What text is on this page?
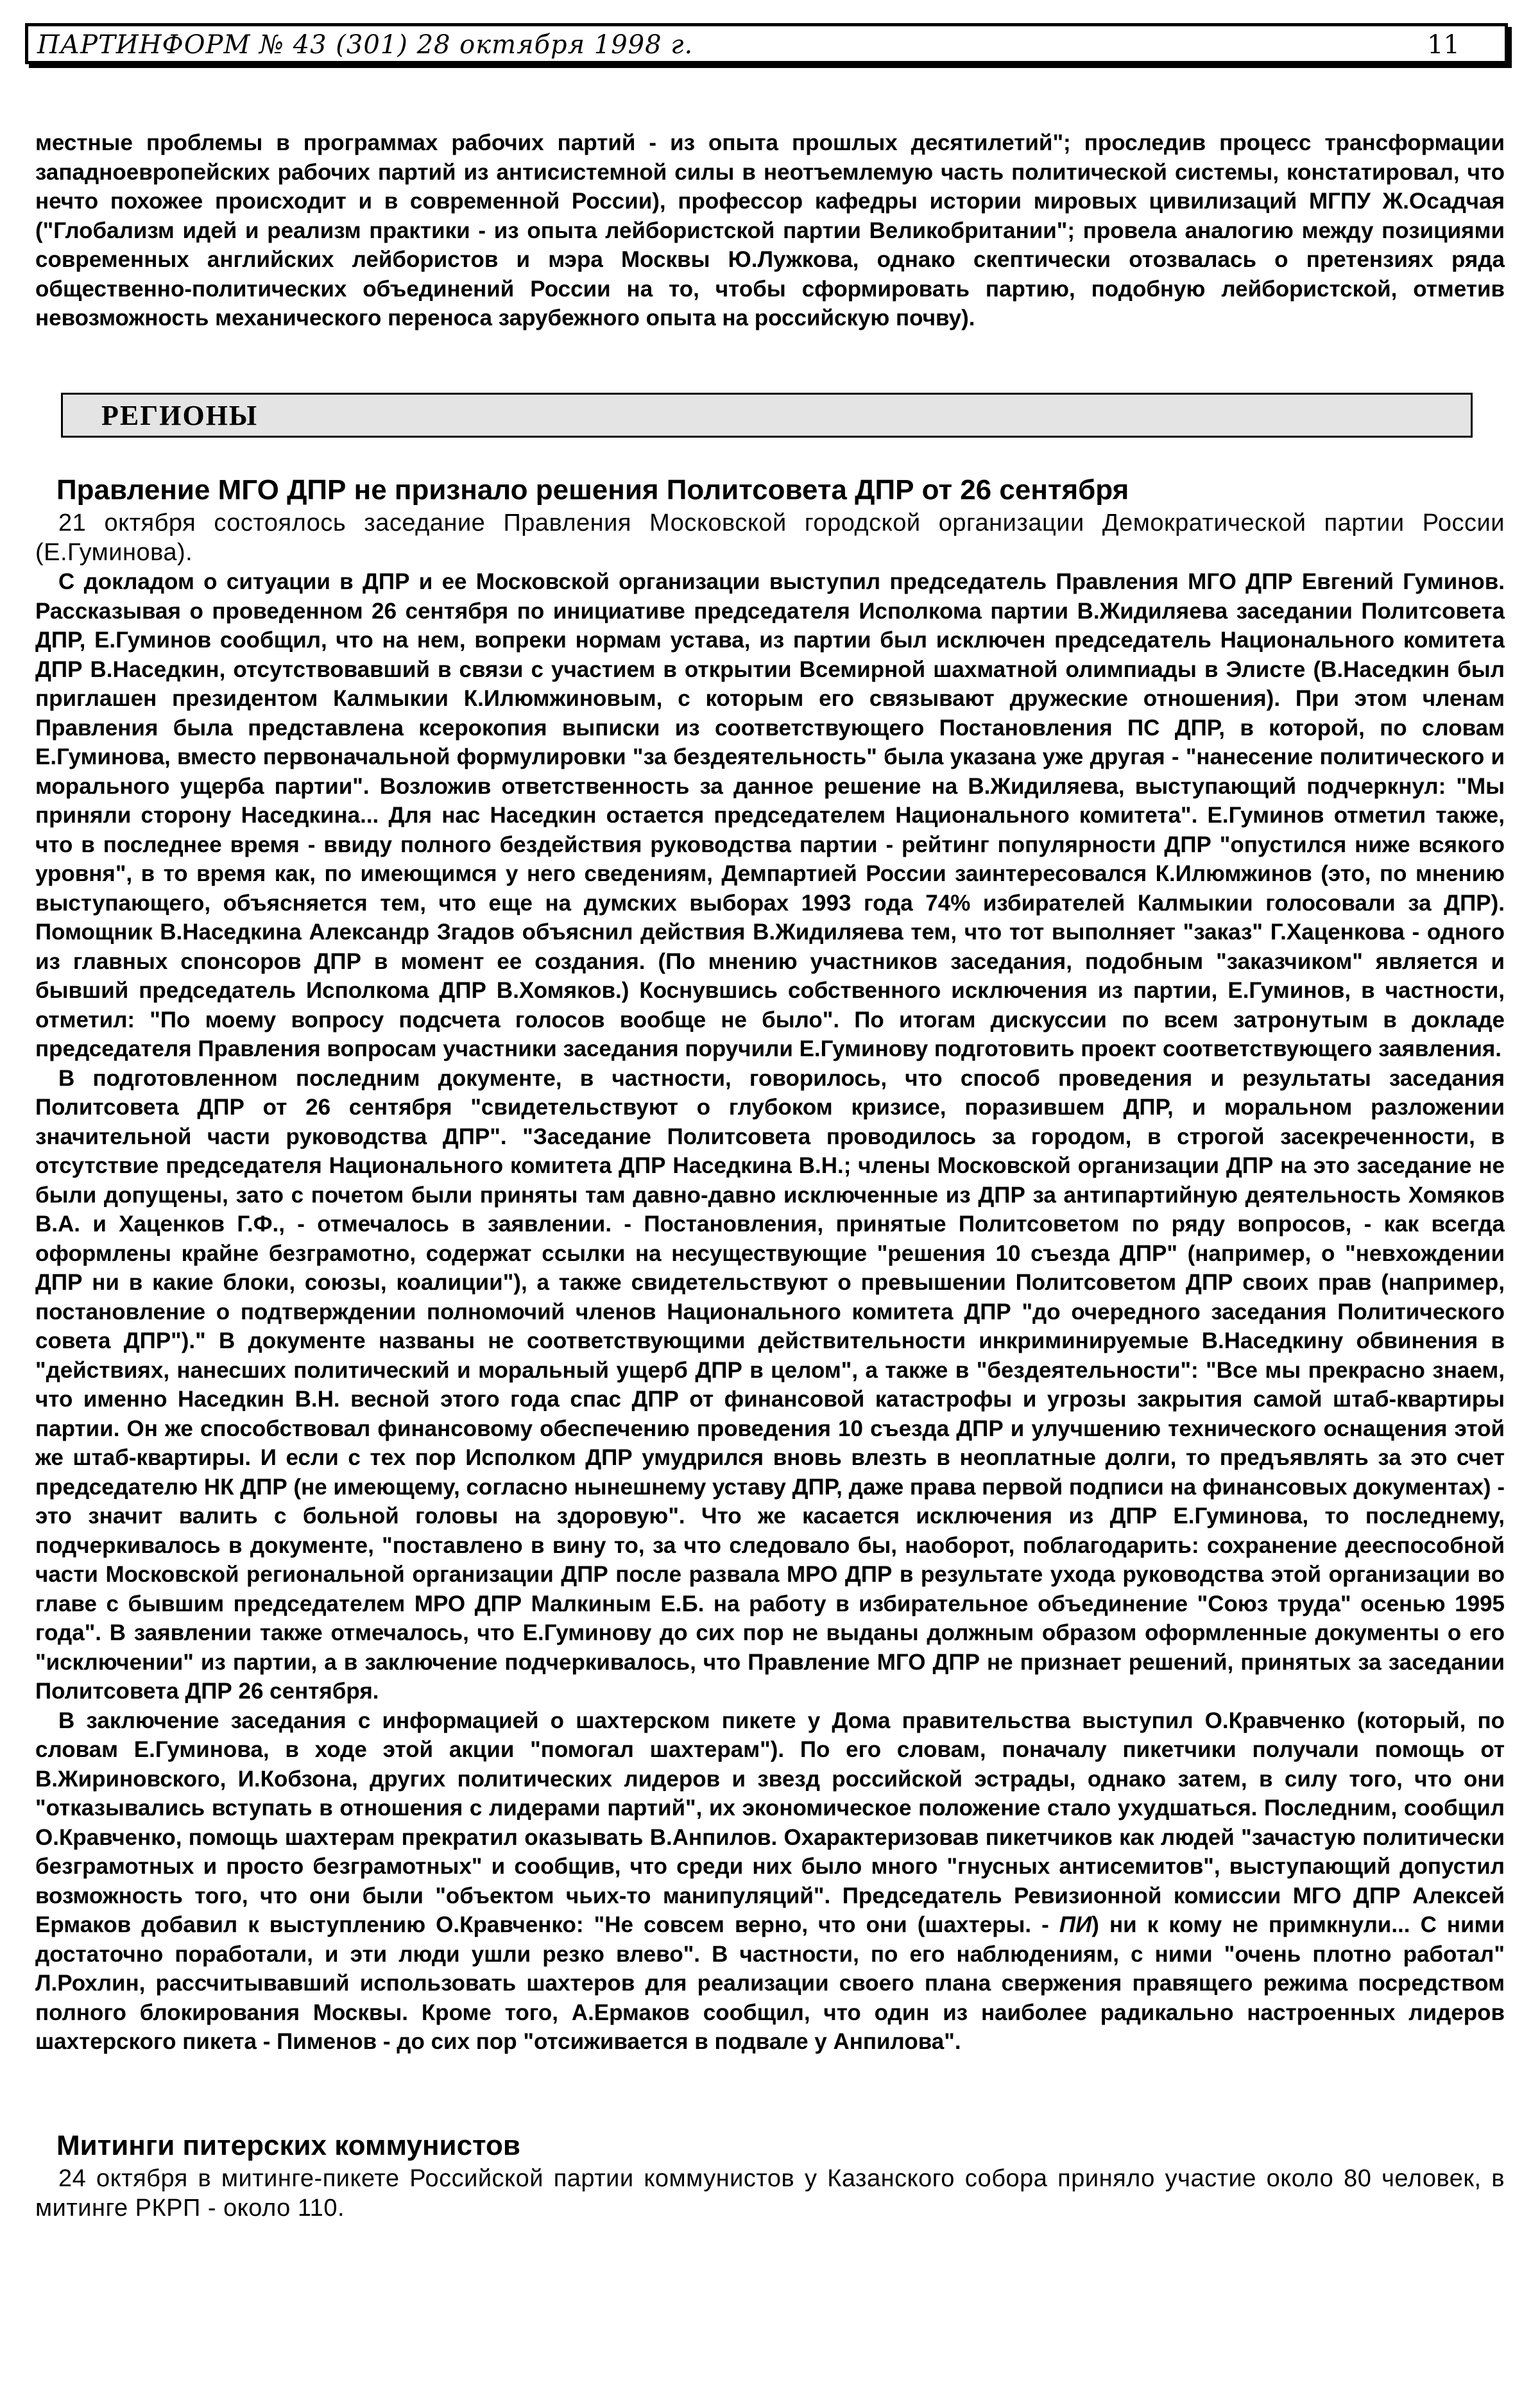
ПАРТИНФОРМ № 43 (301) 28 октября 1998 г.	11

местные проблемы в программах рабочих партий - из опыта прошлых десятилетий"; проследив процесс трансформации западноевропейских рабочих партий из антисистемной силы в неотъемлемую часть политической системы, констатировал, что нечто похожее происходит и в современной России), профессор кафедры истории мировых цивилизаций МГПУ Ж.Осадчая ("Глобализм идей и реализм практики - из опыта лейбористской партии Великобритании"; провела аналогию между позициями современных английских лейбористов и мэра Москвы Ю.Лужкова, однако скептически отозвалась о претензиях ряда общественно-политических объединений России на то, чтобы сформировать партию, подобную лейбористской, отметив невозможность механического переноса зарубежного опыта на российскую почву).

РЕГИОНЫ
Правление МГО ДПР не признало решения Политсовета ДПР от 26 сентября

21 октября состоялось заседание Правления Московской городской организации Демократической партии России (Е.Гуминова).

С докладом о ситуации в ДПР и ее Московской организации выступил председатель Правления МГО ДПР Евгений Гуминов. Рассказывая о проведенном 26 сентября по инициативе председателя Исполкома партии В.Жидиляева заседании Политсовета ДПР, Е.Гуминов сообщил, что на нем, вопреки нормам устава, из партии был исключен председатель Национального комитета ДПР В.Наседкин, отсутствовавший в связи с участием в открытии Всемирной шахматной олимпиады в Элисте (В.Наседкин был приглашен президентом Калмыкии К.Илюмжиновым, с которым его связывают дружеские отношения). При этом членам Правления была представлена ксерокопия выписки из соответствующего Постановления ПС ДПР, в которой, по словам Е.Гуминова, вместо первоначальной формулировки "за бездеятельность" была указана уже другая - "нанесение политического и морального ущерба партии". Возложив ответственность за данное решение на В.Жидиляева, выступающий подчеркнул: "Мы приняли сторону Наседкина... Для нас Наседкин остается председателем Национального комитета". Е.Гуминов отметил также, что в последнее время - ввиду полного бездействия руководства партии - рейтинг популярности ДПР "опустился ниже всякого уровня", в то время как, по имеющимся у него сведениям, Демпартией России заинтересовался К.Илюмжинов (это, по мнению выступающего, объясняется тем, что еще на думских выборах 1993 года 74% избирателей Калмыкии голосовали за ДПР). Помощник В.Наседкина Александр Згадов объяснил действия В.Жидиляева тем, что тот выполняет "заказ" Г.Хаценкова - одного из главных спонсоров ДПР в момент ее создания. (По мнению участников заседания, подобным "заказчиком" является и бывший председатель Исполкома ДПР В.Хомяков.) Коснувшись собственного исключения из партии, Е.Гуминов, в частности, отметил: "По моему вопросу подсчета голосов вообще не было". По итогам дискуссии по всем затронутым в докладе председателя Правления вопросам участники заседания поручили Е.Гуминову подготовить проект соответствующего заявления.

В подготовленном последним документе, в частности, говорилось, что способ проведения и результаты заседания Политсовета ДПР от 26 сентября "свидетельствуют о глубоком кризисе, поразившем ДПР, и моральном разложении значительной части руководства ДПР". "Заседание Политсовета проводилось за городом, в строгой засекреченности, в отсутствие председателя Национального комитета ДПР Наседкина В.Н.; члены Московской организации ДПР на это заседание не были допущены, зато с почетом были приняты там давно-давно исключенные из ДПР за антипартийную деятельность Хомяков В.А. и Хаценков Г.Ф., - отмечалось в заявлении. - Постановления, принятые Политсоветом по ряду вопросов, - как всегда оформлены крайне безграмотно, содержат ссылки на несуществующие "решения 10 съезда ДПР" (например, о "невхождении ДПР ни в какие блоки, союзы, коалиции"), а также свидетельствуют о превышении Политсоветом ДПР своих прав (например, постановление о подтверждении полномочий членов Национального комитета ДПР "до очередного заседания Политического совета ДПР")." В документе названы не соответствующими действительности инкриминируемые В.Наседкину обвинения в "действиях, нанесших политический и моральный ущерб ДПР в целом", а также в "бездеятельности": "Все мы прекрасно знаем, что именно Наседкин В.Н. весной этого года спас ДПР от финансовой катастрофы и угрозы закрытия самой штаб-квартиры партии. Он же способствовал финансовому обеспечению проведения 10 съезда ДПР и улучшению технического оснащения этой же штаб-квартиры. И если с тех пор Исполком ДПР умудрился вновь влезть в неоплатные долги, то предъявлять за это счет председателю НК ДПР (не имеющему, согласно нынешнему уставу ДПР, даже права первой подписи на финансовых документах) - это значит валить с больной головы на здоровую". Что же касается исключения из ДПР Е.Гуминова, то последнему, подчеркивалось в документе, "поставлено в вину то, за что следовало бы, наоборот, поблагодарить: сохранение дееспособной части Московской региональной организации ДПР после развала МРО ДПР в результате ухода руководства этой организации во главе с бывшим председателем МРО ДПР Малкиным Е.Б. на работу в избирательное объединение "Союз труда" осенью 1995 года". В заявлении также отмечалось, что Е.Гуминову до сих пор не выданы должным образом оформленные документы о его "исключении" из партии, а в заключение подчеркивалось, что Правление МГО ДПР не признает решений, принятых за заседании Политсовета ДПР 26 сентября.

В заключение заседания с информацией о шахтерском пикете у Дома правительства выступил О.Кравченко (который, по словам Е.Гуминова, в ходе этой акции "помогал шахтерам"). По его словам, поначалу пикетчики получали помощь от В.Жириновского, И.Кобзона, других политических лидеров и звезд российской эстрады, однако затем, в силу того, что они "отказывались вступать в отношения с лидерами партий", их экономическое положение стало ухудшаться. Последним, сообщил О.Кравченко, помощь шахтерам прекратил оказывать В.Анпилов. Охарактеризовав пикетчиков как людей "зачастую политически безграмотных и просто безграмотных" и сообщив, что среди них было много "гнусных антисемитов", выступающий допустил возможность того, что они были "объектом чьих-то манипуляций". Председатель Ревизионной комиссии МГО ДПР Алексей Ермаков добавил к выступлению О.Кравченко: "Не совсем верно, что они (шахтеры. - ПИ) ни к кому не примкнули... С ними достаточно поработали, и эти люди ушли резко влево". В частности, по его наблюдениям, с ними "очень плотно работал" Л.Рохлин, рассчитывавший использовать шахтеров для реализации своего плана свержения правящего режима посредством полного блокирования Москвы. Кроме того, А.Ермаков сообщил, что один из наиболее радикально настроенных лидеров шахтерского пикета - Пименов - до сих пор "отсиживается в подвале у Анпилова".

Митинги питерских коммунистов

24 октября в митинге-пикете Российской партии коммунистов у Казанского собора приняло участие около 80 человек, в митинге РКРП - около 110.
